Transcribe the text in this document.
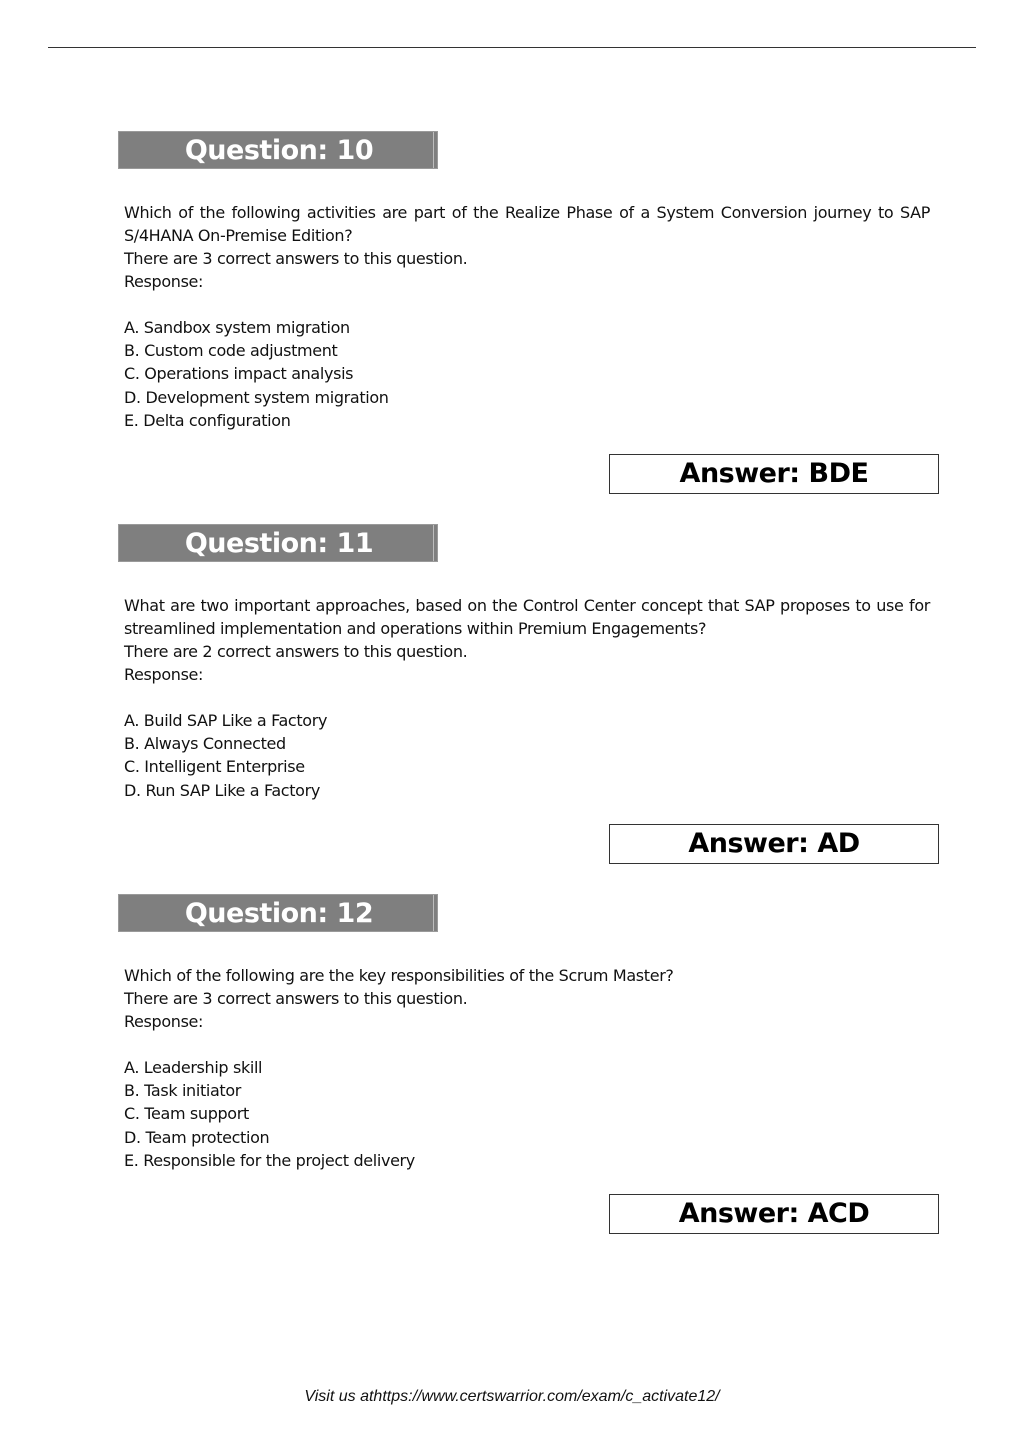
Question: 10

Which of the following activities are part of the Realize Phase of a System Conversion journey to SAP S/4HANA On-Premise Edition?

There are 3 correct answers to this question.

Response:

A. Sandbox system migration
B. Custom code adjustment
C. Operations impact analysis
D. Development system migration
E. Delta configuration
Answer: BDE
Question: 11

What are two important approaches, based on the Control Center concept that SAP proposes to use for streamlined implementation and operations within Premium Engagements?

There are 2 correct answers to this question.

Response:

A. Build SAP Like a Factory
B. Always Connected
C. Intelligent Enterprise
D. Run SAP Like a Factory
Answer: AD
Question: 12

Which of the following are the key responsibilities of the Scrum Master?

There are 3 correct answers to this question.

Response:

A. Leadership skill
B. Task initiator
C. Team support
D. Team protection
E. Responsible for the project delivery
Answer: ACD
Visit us athttps://www.certswarrior.com/exam/c_activate12/
